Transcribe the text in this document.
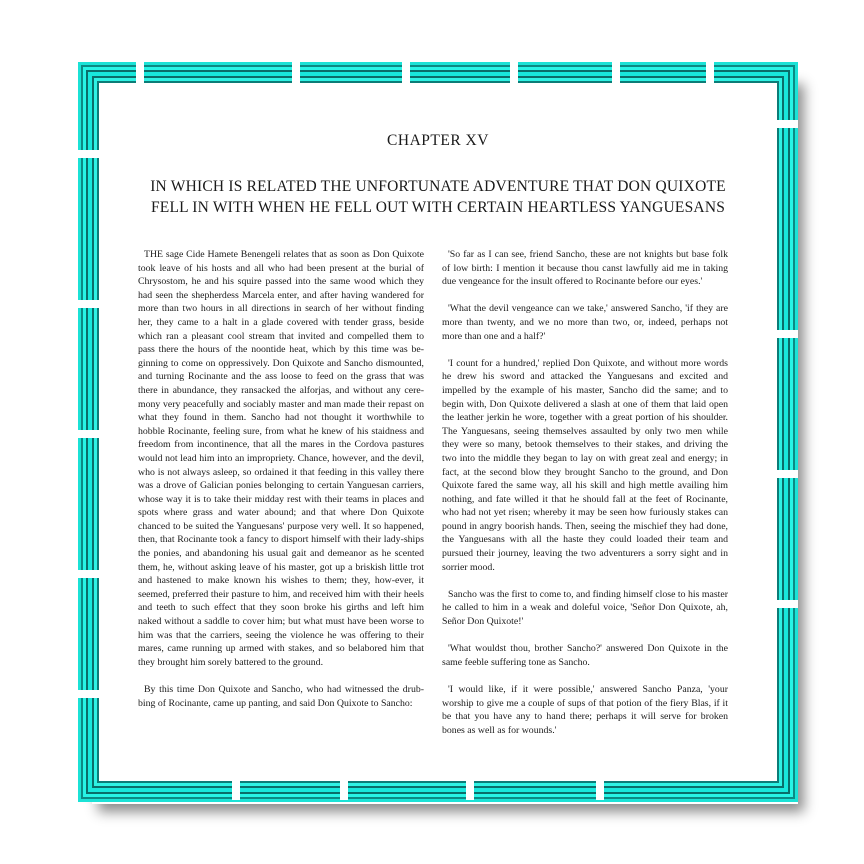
CHAPTER XV
IN WHICH IS RELATED THE UNFORTUNATE ADVENTURE THAT DON QUIXOTE FELL IN WITH WHEN HE FELL OUT WITH CERTAIN HEARTLESS YANGUESANS

THE sage Cide Hamete Benengeli relates that as soon as Don Quixote took leave of his hosts and all who had been present at the burial of Chrysostom, he and his squire passed into the same wood which they had seen the shepherdess Marcela enter, and after having wandered for more than two hours in all directions in search of her without finding her, they came to a halt in a glade covered with tender grass, beside which ran a pleasant cool stream that invited and compelled them to pass there the hours of the noontide heat, which by this time was be-ginning to come on oppressively. Don Quixote and Sancho dismounted, and turning Rocinante and the ass loose to feed on the grass that was there in abundance, they ransacked the alforjas, and without any cere-mony very peacefully and sociably master and man made their repast on what they found in them. Sancho had not thought it worthwhile to hobble Rocinante, feeling sure, from what he knew of his staidness and freedom from incontinence, that all the mares in the Cordova pastures would not lead him into an impropriety. Chance, however, and the devil, who is not always asleep, so ordained it that feeding in this valley there was a drove of Galician ponies belonging to certain Yanguesan carriers, whose way it is to take their midday rest with their teams in places and spots where grass and water abound; and that where Don Quixote chanced to be suited the Yanguesans' purpose very well. It so happened, then, that Rocinante took a fancy to disport himself with their lady-ships the ponies, and abandoning his usual gait and demeanor as he scented them, he, without asking leave of his master, got up a briskish little trot and hastened to make known his wishes to them; they, how-ever, it seemed, preferred their pasture to him, and received him with their heels and teeth to such effect that they soon broke his girths and left him naked without a saddle to cover him; but what must have been worse to him was that the carriers, seeing the violence he was offering to their mares, came running up armed with stakes, and so belabored him that they brought him sorely battered to the ground.

By this time Don Quixote and Sancho, who had witnessed the drub-bing of Rocinante, came up panting, and said Don Quixote to Sancho:

'So far as I can see, friend Sancho, these are not knights but base folk of low birth: I mention it because thou canst lawfully aid me in taking due vengeance for the insult offered to Rocinante before our eyes.'

'What the devil vengeance can we take,' answered Sancho, 'if they are more than twenty, and we no more than two, or, indeed, perhaps not more than one and a half?'

'I count for a hundred,' replied Don Quixote, and without more words he drew his sword and attacked the Yanguesans and excited and impelled by the example of his master, Sancho did the same; and to begin with, Don Quixote delivered a slash at one of them that laid open the leather jerkin he wore, together with a great portion of his shoulder. The Yanguesans, seeing themselves assaulted by only two men while they were so many, betook themselves to their stakes, and driving the two into the middle they began to lay on with great zeal and energy; in fact, at the second blow they brought Sancho to the ground, and Don Quixote fared the same way, all his skill and high mettle availing him nothing, and fate willed it that he should fall at the feet of Rocinante, who had not yet risen; whereby it may be seen how furiously stakes can pound in angry boorish hands. Then, seeing the mischief they had done, the Yanguesans with all the haste they could loaded their team and pursued their journey, leaving the two adventurers a sorry sight and in sorrier mood.

Sancho was the first to come to, and finding himself close to his master he called to him in a weak and doleful voice, 'Señor Don Quixote, ah, Señor Don Quixote!'

'What wouldst thou, brother Sancho?' answered Don Quixote in the same feeble suffering tone as Sancho.

'I would like, if it were possible,' answered Sancho Panza, 'your worship to give me a couple of sups of that potion of the fiery Blas, if it be that you have any to hand there; perhaps it will serve for broken bones as well as for wounds.'
